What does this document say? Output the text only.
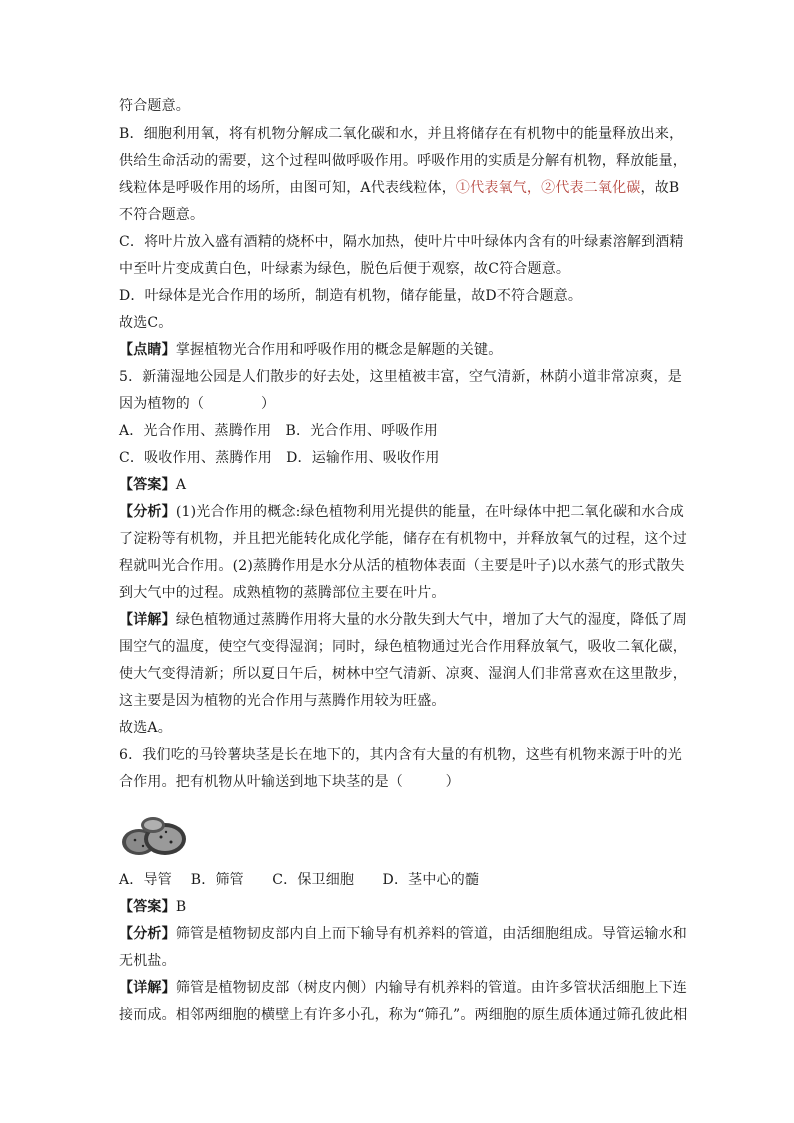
符合题意。
B．细胞利用氧，将有机物分解成二氧化碳和水，并且将储存在有机物中的能量释放出来，
供给生命活动的需要，这个过程叫做呼吸作用。呼吸作用的实质是分解有机物，释放能量，
线粒体是呼吸作用的场所，由图可知，A代表线粒体，①代表氧气，②代表二氧化碳，故B
不符合题意。
C．将叶片放入盛有酒精的烧杯中，隔水加热，使叶片中叶绿体内含有的叶绿素溶解到酒精
中至叶片变成黄白色，叶绿素为绿色，脱色后便于观察，故C符合题意。
D．叶绿体是光合作用的场所，制造有机物，储存能量，故D不符合题意。
故选C。
【点睛】掌握植物光合作用和呼吸作用的概念是解题的关键。
5．新蒲湿地公园是人们散步的好去处，这里植被丰富，空气清新，林荫小道非常凉爽，是
因为植物的（　　　　）
A．光合作用、蒸腾作用　B．光合作用、呼吸作用
C．吸收作用、蒸腾作用　D．运输作用、吸收作用
【答案】A
【分析】(1)光合作用的概念:绿色植物利用光提供的能量，在叶绿体中把二氧化碳和水合成
了淀粉等有机物，并且把光能转化成化学能，储存在有机物中，并释放氧气的过程，这个过
程就叫光合作用。(2)蒸腾作用是水分从活的植物体表面（主要是叶子)以水蒸气的形式散失
到大气中的过程。成熟植物的蒸腾部位主要在叶片。
【详解】绿色植物通过蒸腾作用将大量的水分散失到大气中，增加了大气的湿度，降低了周
围空气的温度，使空气变得湿润；同时，绿色植物通过光合作用释放氧气，吸收二氧化碳，
使大气变得清新；所以夏日午后，树林中空气清新、凉爽、湿润人们非常喜欢在这里散步，
这主要是因为植物的光合作用与蒸腾作用较为旺盛。
故选A。
6．我们吃的马铃薯块茎是长在地下的，其内含有大量的有机物，这些有机物来源于叶的光
合作用。把有机物从叶输送到地下块茎的是（　　　）
A．导管　 B．筛管　　C．保卫细胞　　D．茎中心的髓
【答案】B
【分析】筛管是植物韧皮部内自上而下输导有机养料的管道，由活细胞组成。导管运输水和
无机盐。
【详解】筛管是植物韧皮部（树皮内侧）内输导有机养料的管道。由许多管状活细胞上下连
接而成。相邻两细胞的横壁上有许多小孔，称为“筛孔”。两细胞的原生质体通过筛孔彼此相
